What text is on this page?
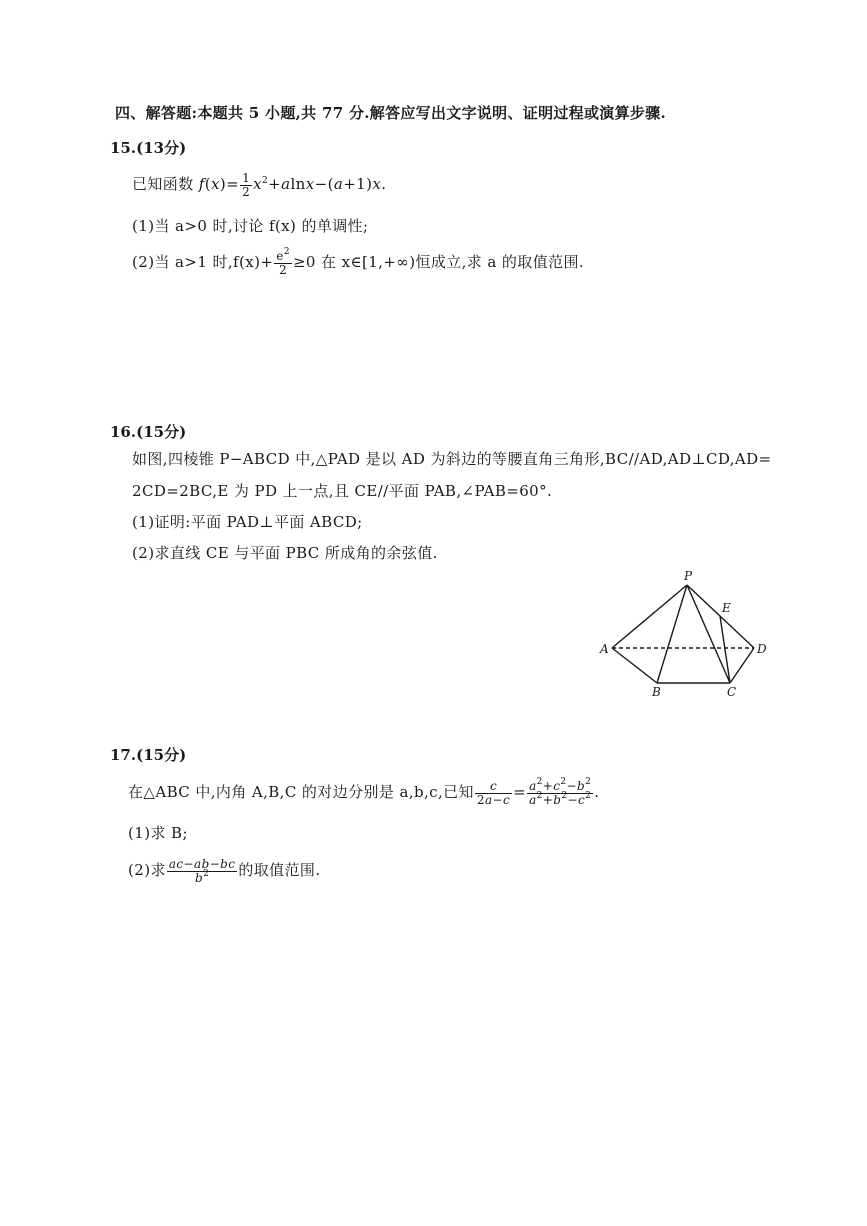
四、解答题:本题共 5 小题,共 77 分.解答应写出文字说明、证明过程或演算步骤.
15.(13分)
已知函数 $f(x)= \frac{1}{2} x^2+alnx-(a+1)x$.
(1)当 a>0 时,讨论 f(x) 的单调性;
(2)当 a>1 时$,f(x)+ \frac{e^2}{2} \ge 0$ 在 x∈[1,+∞)恒成立,求 a 的取值范围.
16.(15分)
如图,四棱锥 P−ABCD 中,△PAD 是以 AD 为斜边的等腰直角三角形,BC//AD,AD⊥CD,AD=
2CD=2BC,E 为 PD 上一点,且 CE//平面 PAB,∠PAB=60°.
(1)证明:平面 PAD⊥平面 ABCD;
(2)求直线 CE 与平面 PBC 所成角的余弦值.
P
A
B	C
D
E
17.(15分)
在△ABC 中,内角 A,B,C 的对边分别是 a,b,c,已知 $\frac{c}{2a-c} = \frac{a^2+c^2-b^2}{a^2+b^2-c^2}$ .
(1)求 B;
(2)求 $\frac{ac-ab-bc}{b^2}$ 的取值范围.
